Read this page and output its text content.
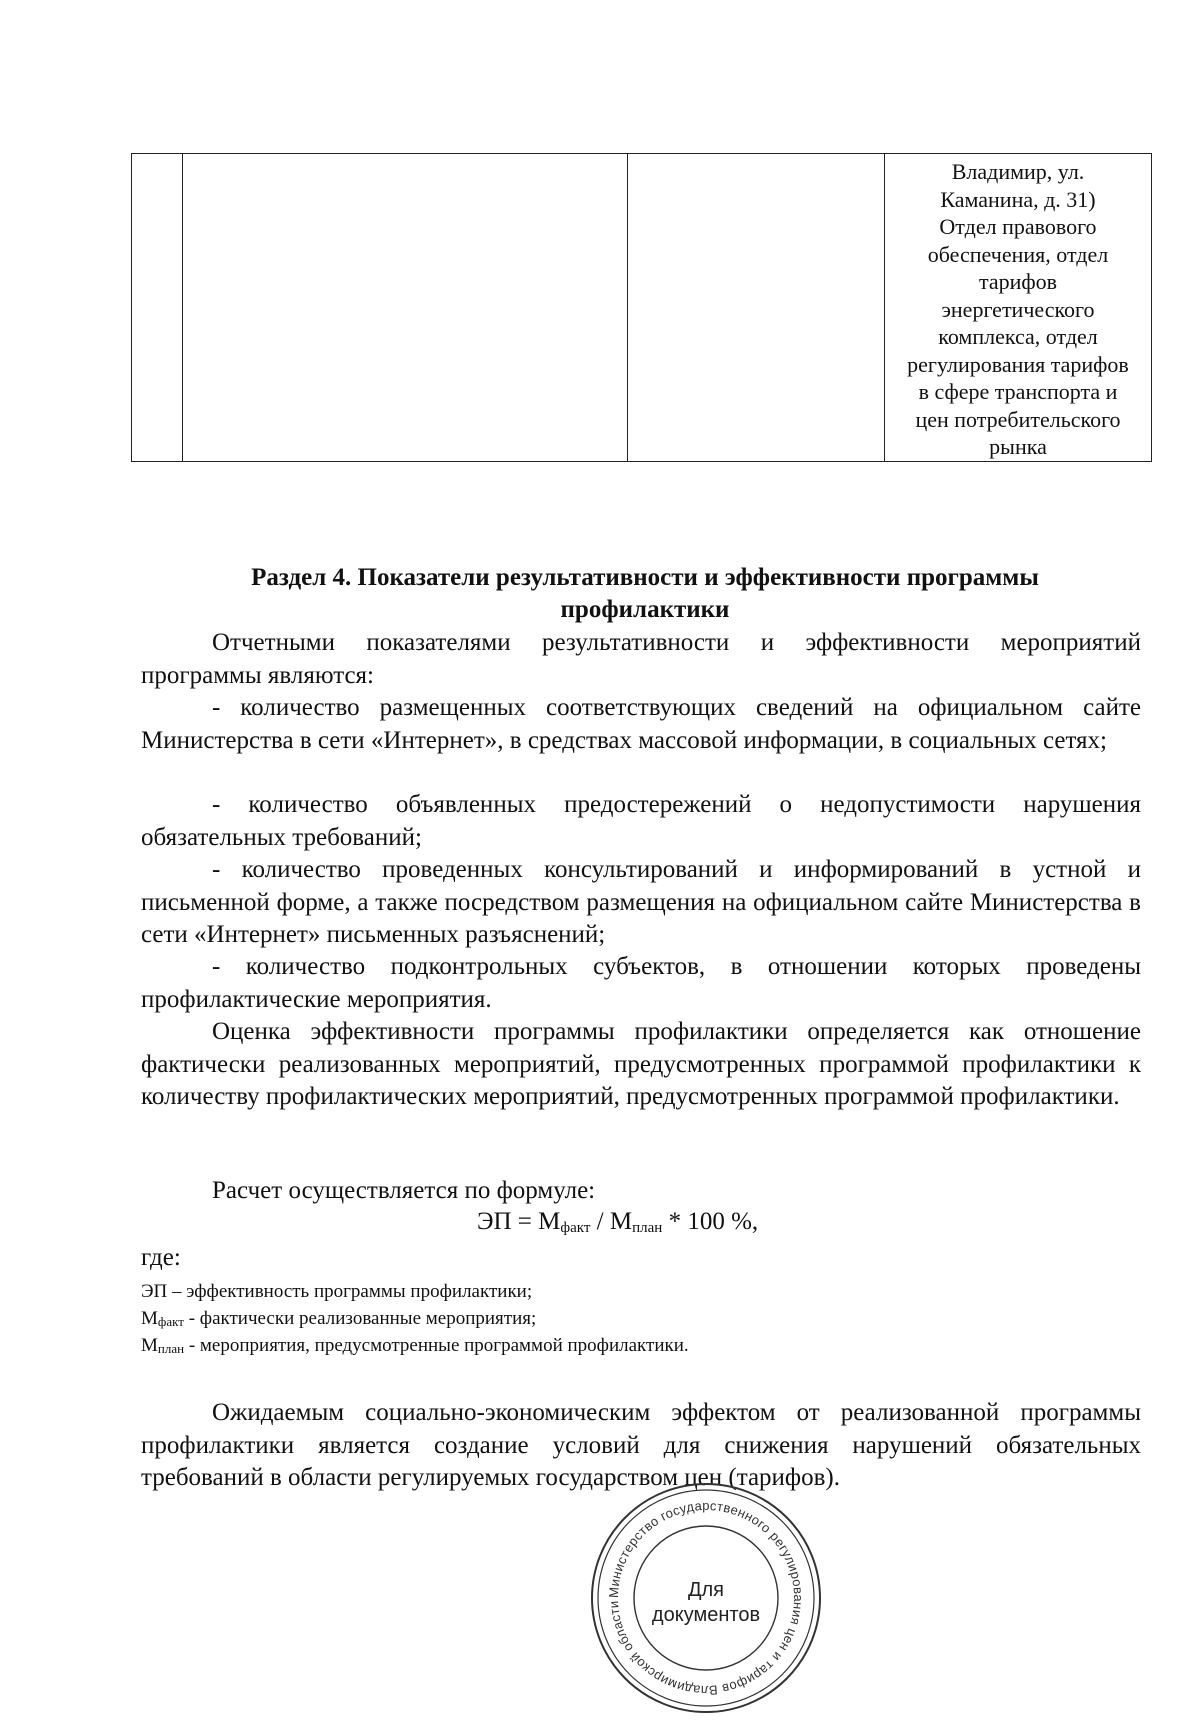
Владимир, ул.
Каманина, д. 31)
Отдел правового
обеспечения, отдел
тарифов
энергетического
комплекса, отдел
регулирования тарифов
в сфере транспорта и
цен потребительского
рынка
Раздел 4. Показатели результативности и эффективности программы
профилактики
Отчетными показателями результативности и эффективности мероприятий программы являются:
- количество размещенных соответствующих сведений на официальном сайте Министерства в сети «Интернет», в средствах массовой информации, в социальных сетях;
- количество объявленных предостережений о недопустимости нарушения обязательных требований;
- количество проведенных консультирований и информирований в устной и письменной форме, а также посредством размещения на официальном сайте Министерства в сети «Интернет» письменных разъяснений;
- количество подконтрольных субъектов, в отношении которых проведены профилактические мероприятия.
Оценка эффективности программы профилактики определяется как отношение фактически реализованных мероприятий, предусмотренных программой профилактики к количеству профилактических мероприятий, предусмотренных программой профилактики.
Расчет осуществляется по формуле:
ЭП = $М_{факт} / М_{план} * 100$ %,
где:
ЭП – эффективность программы профилактики;
$М_{факт}$ - фактически реализованные мероприятия;
$М_{план}$ - мероприятия, предусмотренные программой профилактики.
Ожидаемым социально-экономическим эффектом от реализованной программы профилактики является создание условий для снижения нарушений обязательных требований в области регулируемых государством цен (тарифов).
Министерство государственного регулирования цен и тарифов Владимирской области
Для
документов
